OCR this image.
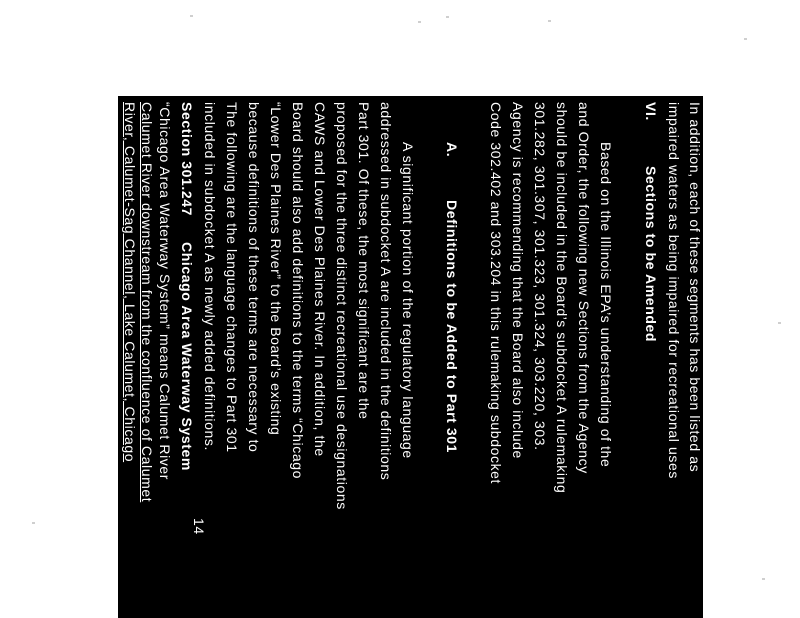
In addition, each of these segments has been listed as
impaired waters as being impaired for recreational uses
VI.
Sections to be Amended
Based on the Illinois EPA’s understanding of the
and Order, the following new Sections from the Agency
should be included in the Board’s subdocket A rulemaking
301.282, 301.307, 301.323, 301.324, 303.220, 303.
Agency is recommending that the Board also include
Code 302.402 and 303.204 in this rulemaking subdocket
A.
Definitions to be Added to Part 301
A significant portion of the regulatory language
addressed in subdocket A are included in the definitions
Part 301. Of these, the most significant are the
proposed for the three distinct recreational use designations
CAWS and Lower Des Plaines River. In addition, the
Board should also add definitions to the terms “Chicago
“Lower Des Plaines River” to the Board’s existing
because definitions of these terms are necessary to
The following are the language changes to Part 301
included in subdocket A as newly added definitions.
Section 301.247
Chicago Area Waterway System
“Chicago Area Waterway System” means Calumet River
Calumet River downstream from the confluence of Calumet
River, Calumet-Sag Channel, Lake Calumet, Chicago
14
